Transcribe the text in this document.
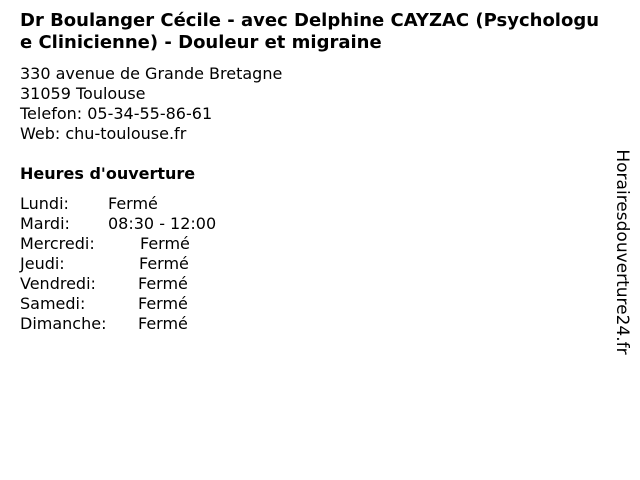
Dr Boulanger Cécile - avec Delphine CAYZAC (Psychologue Clinicienne) - Douleur et migraine
330 avenue de Grande Bretagne
31059 Toulouse
Telefon: 05-34-55-86-61
Web: chu-toulouse.fr
Heures d'ouverture
Lundi:	Fermé
Mardi:	08:30 - 12:00
Mercredi:	Fermé
Jeudi:	Fermé
Vendredi:	Fermé
Samedi:	Fermé
Dimanche:	Fermé	Horairesdouverture24.fr
